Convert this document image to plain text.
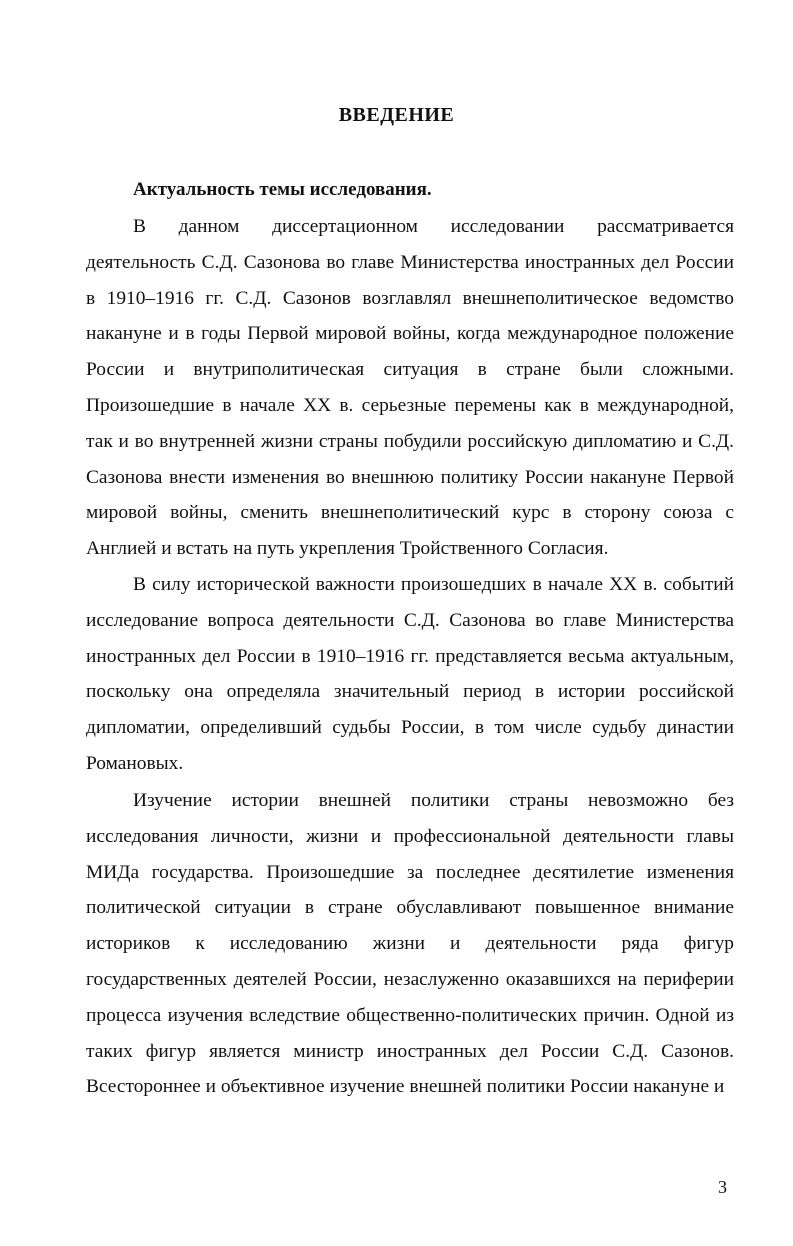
ВВЕДЕНИЕ
Актуальность темы исследования.

В данном диссертационном исследовании рассматривается деятельность С.Д. Сазонова во главе Министерства иностранных дел России в 1910–1916 гг. С.Д. Сазонов возглавлял внешнеполитическое ведомство накануне и в годы Первой мировой войны, когда международное положение России и внутриполитическая ситуация в стране были сложными. Произошедшие в начале XX в. серьезные перемены как в международной, так и во внутренней жизни страны побудили российскую дипломатию и С.Д. Сазонова внести изменения во внешнюю политику России накануне Первой мировой войны, сменить внешнеполитический курс в сторону союза с Англией и встать на путь укрепления Тройственного Согласия.

В силу исторической важности произошедших в начале XX в. событий исследование вопроса деятельности С.Д. Сазонова во главе Министерства иностранных дел России в 1910–1916 гг. представляется весьма актуальным, поскольку она определяла значительный период в истории российской дипломатии, определивший судьбы России, в том числе судьбу династии Романовых.

Изучение истории внешней политики страны невозможно без исследования личности, жизни и профессиональной деятельности главы МИДа государства. Произошедшие за последнее десятилетие изменения политической ситуации в стране обуславливают повышенное внимание историков к исследованию жизни и деятельности ряда фигур государственных деятелей России, незаслуженно оказавшихся на периферии процесса изучения вследствие общественно-политических причин. Одной из таких фигур является министр иностранных дел России С.Д. Сазонов. Всестороннее и объективное изучение внешней политики России накануне и

3
